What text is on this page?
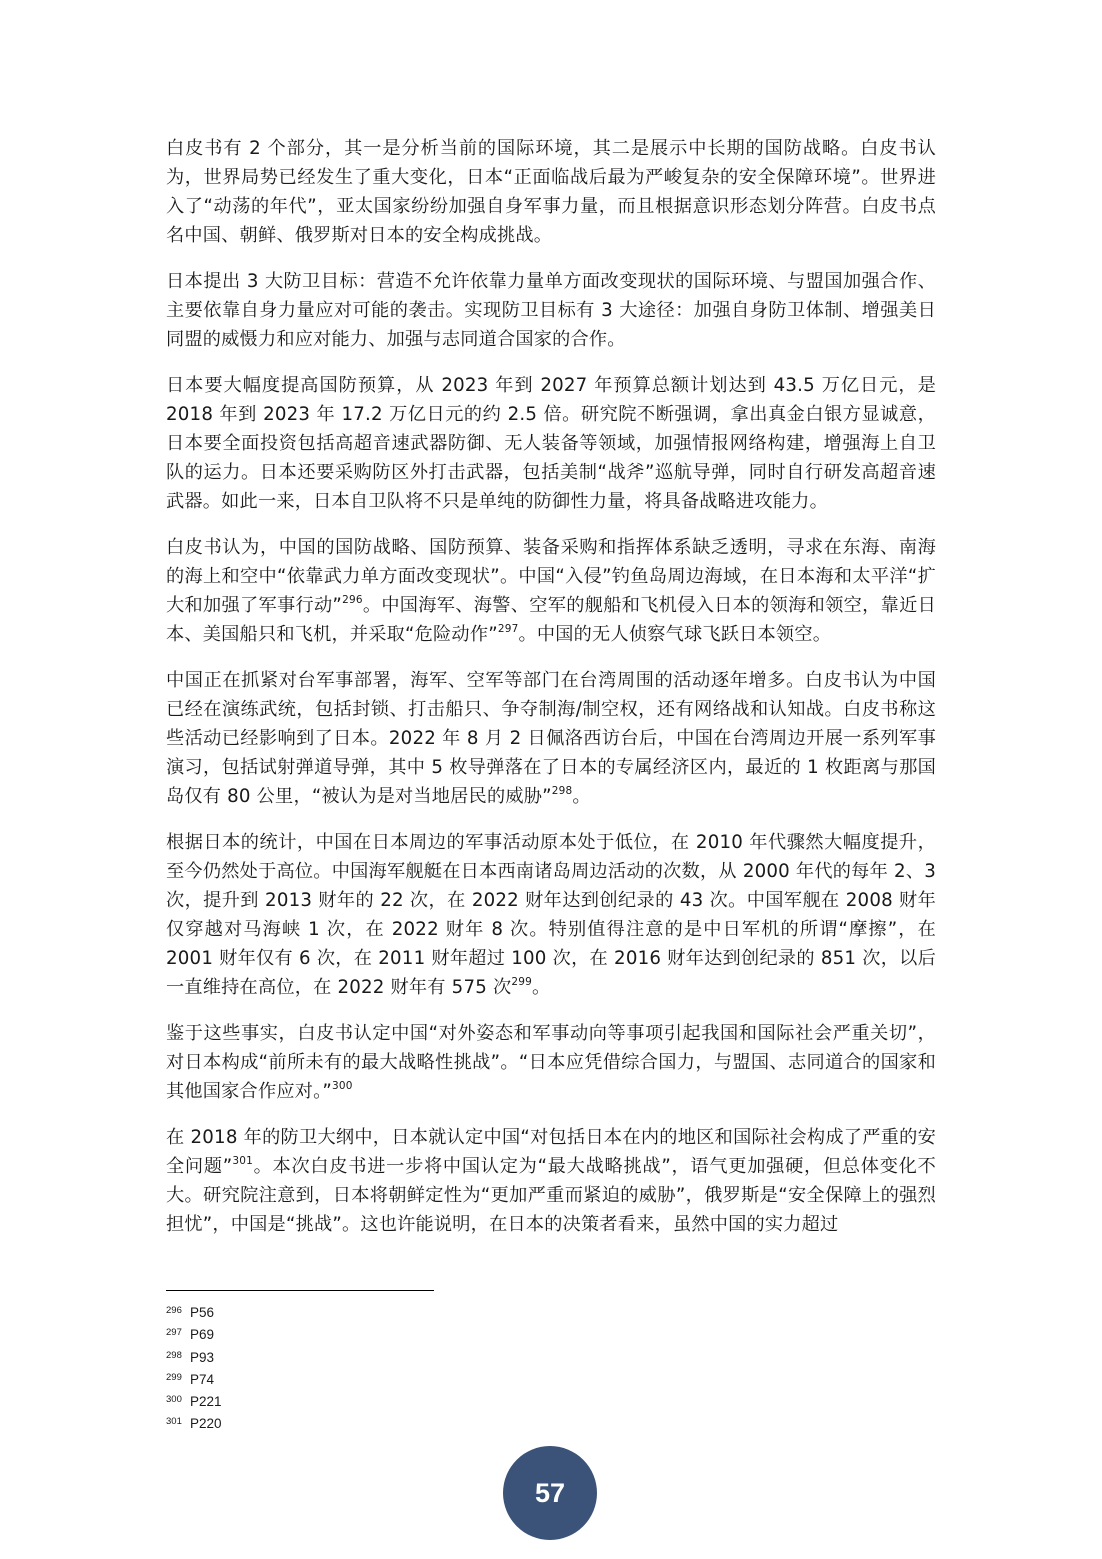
白皮书有 2 个部分，其一是分析当前的国际环境，其二是展示中长期的国防战略。白皮书认为，世界局势已经发生了重大变化，日本“正面临战后最为严峻复杂的安全保障环境”。世界进入了“动荡的年代”，亚太国家纷纷加强自身军事力量，而且根据意识形态划分阵营。白皮书点名中国、朝鲜、俄罗斯对日本的安全构成挑战。

日本提出 3 大防卫目标：营造不允许依靠力量单方面改变现状的国际环境、与盟国加强合作、主要依靠自身力量应对可能的袭击。实现防卫目标有 3 大途径：加强自身防卫体制、增强美日同盟的威慑力和应对能力、加强与志同道合国家的合作。

日本要大幅度提高国防预算，从 2023 年到 2027 年预算总额计划达到 43.5 万亿日元，是 2018 年到 2023 年 17.2 万亿日元的约 2.5 倍。研究院不断强调，拿出真金白银方显诚意，日本要全面投资包括高超音速武器防御、无人装备等领域，加强情报网络构建，增强海上自卫队的运力。日本还要采购防区外打击武器，包括美制“战斧”巡航导弹，同时自行研发高超音速武器。如此一来，日本自卫队将不只是单纯的防御性力量，将具备战略进攻能力。

白皮书认为，中国的国防战略、国防预算、装备采购和指挥体系缺乏透明，寻求在东海、南海的海上和空中“依靠武力单方面改变现状”。中国“入侵”钓鱼岛周边海域，在日本海和太平洋“扩大和加强了军事行动”$^{296}$。中国海军、海警、空军的舰船和飞机侵入日本的领海和领空，靠近日本、美国船只和飞机，并采取“危险动作”$^{297}$。中国的无人侦察气球飞跃日本领空。

中国正在抓紧对台军事部署，海军、空军等部门在台湾周围的活动逐年增多。白皮书认为中国已经在演练武统，包括封锁、打击船只、争夺制海/制空权，还有网络战和认知战。白皮书称这些活动已经影响到了日本。2022 年 8 月 2 日佩洛西访台后，中国在台湾周边开展一系列军事演习，包括试射弹道导弹，其中 5 枚导弹落在了日本的专属经济区内，最近的 1 枚距离与那国岛仅有 80 公里，“被认为是对当地居民的威胁”$^{298}$。

根据日本的统计，中国在日本周边的军事活动原本处于低位，在 2010 年代骤然大幅度提升，至今仍然处于高位。中国海军舰艇在日本西南诸岛周边活动的次数，从 2000 年代的每年 2、3 次，提升到 2013 财年的 22 次，在 2022 财年达到创纪录的 43 次。中国军舰在 2008 财年仅穿越对马海峡 1 次，在 2022 财年 8 次。特别值得注意的是中日军机的所谓“摩擦”，在 2001 财年仅有 6 次，在 2011 财年超过 100 次，在 2016 财年达到创纪录的 851 次，以后一直维持在高位，在 2022 财年有 575 次$^{299}$。

鉴于这些事实，白皮书认定中国“对外姿态和军事动向等事项引起我国和国际社会严重关切”，对日本构成“前所未有的最大战略性挑战”。“日本应凭借综合国力，与盟国、志同道合的国家和其他国家合作应对。”$^{300}$

在 2018 年的防卫大纲中，日本就认定中国“对包括日本在内的地区和国际社会构成了严重的安全问题”$^{301}$。本次白皮书进一步将中国认定为“最大战略挑战”，语气更加强硬，但总体变化不大。研究院注意到，日本将朝鲜定性为“更加严重而紧迫的威胁”，俄罗斯是“安全保障上的强烈担忧”，中国是“挑战”。这也许能说明，在日本的决策者看来，虽然中国的实力超过

296 P56
297 P69
298 P93
299 P74
300 P221
301 P220
57
